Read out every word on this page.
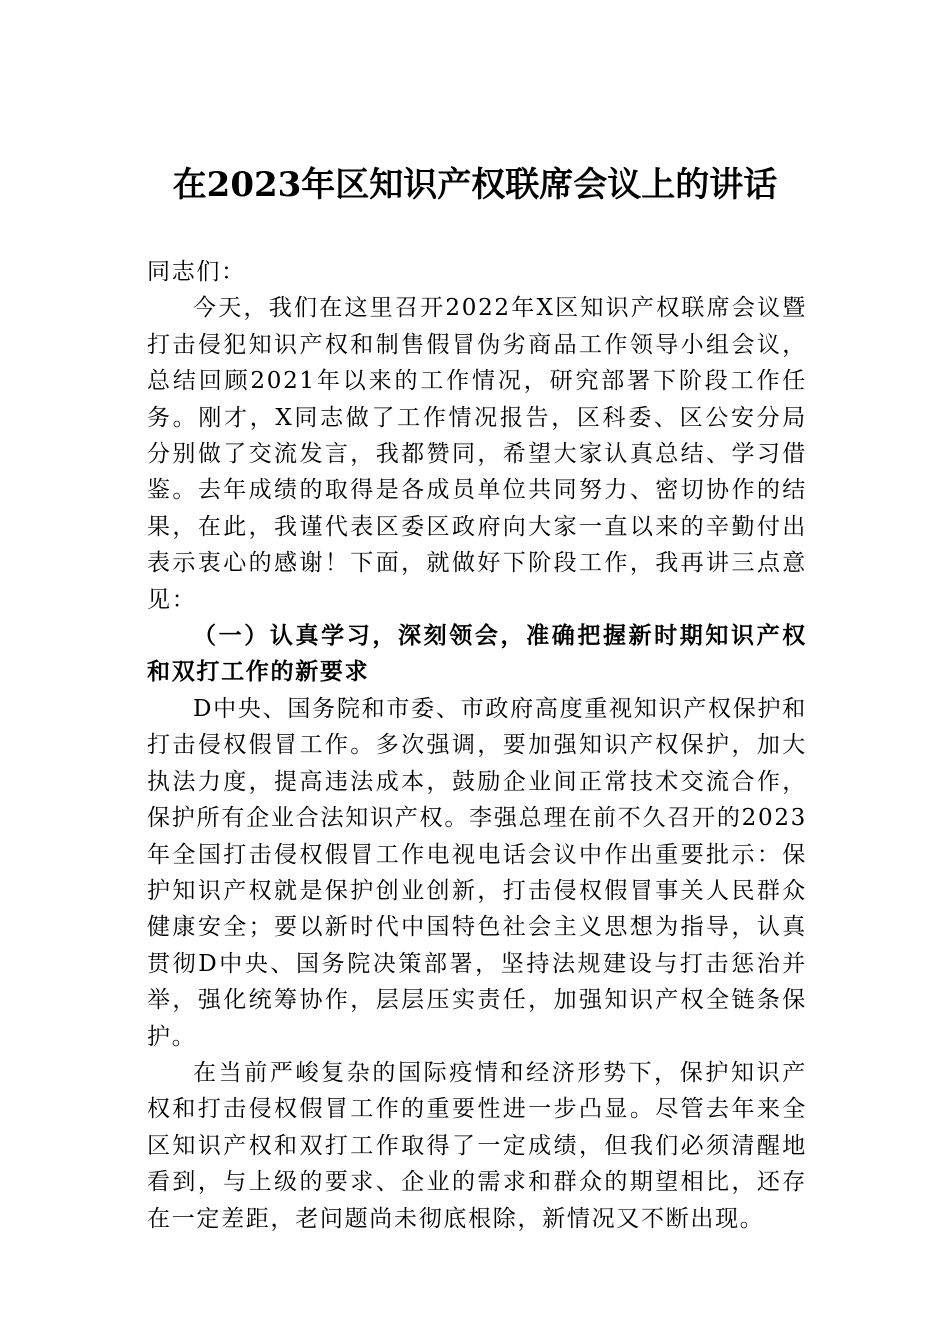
在2023年区知识产权联席会议上的讲话

同志们：

今天，我们在这里召开2022年X区知识产权联席会议暨打击侵犯知识产权和制售假冒伪劣商品工作领导小组会议，总结回顾2021年以来的工作情况，研究部署下阶段工作任务。刚才，X同志做了工作情况报告，区科委、区公安分局分别做了交流发言，我都赞同，希望大家认真总结、学习借鉴。去年成绩的取得是各成员单位共同努力、密切协作的结果，在此，我谨代表区委区政府向大家一直以来的辛勤付出表示衷心的感谢！下面，就做好下阶段工作，我再讲三点意见：

（一）认真学习，深刻领会，准确把握新时期知识产权和双打工作的新要求

D中央、国务院和市委、市政府高度重视知识产权保护和打击侵权假冒工作。多次强调，要加强知识产权保护，加大执法力度，提高违法成本，鼓励企业间正常技术交流合作，保护所有企业合法知识产权。李强总理在前不久召开的2023年全国打击侵权假冒工作电视电话会议中作出重要批示：保护知识产权就是保护创业创新，打击侵权假冒事关人民群众健康安全；要以新时代中国特色社会主义思想为指导，认真贯彻D中央、国务院决策部署，坚持法规建设与打击惩治并举，强化统筹协作，层层压实责任，加强知识产权全链条保护。

在当前严峻复杂的国际疫情和经济形势下，保护知识产权和打击侵权假冒工作的重要性进一步凸显。尽管去年来全区知识产权和双打工作取得了一定成绩，但我们必须清醒地看到，与上级的要求、企业的需求和群众的期望相比，还存在一定差距，老问题尚未彻底根除，新情况又不断出现。
